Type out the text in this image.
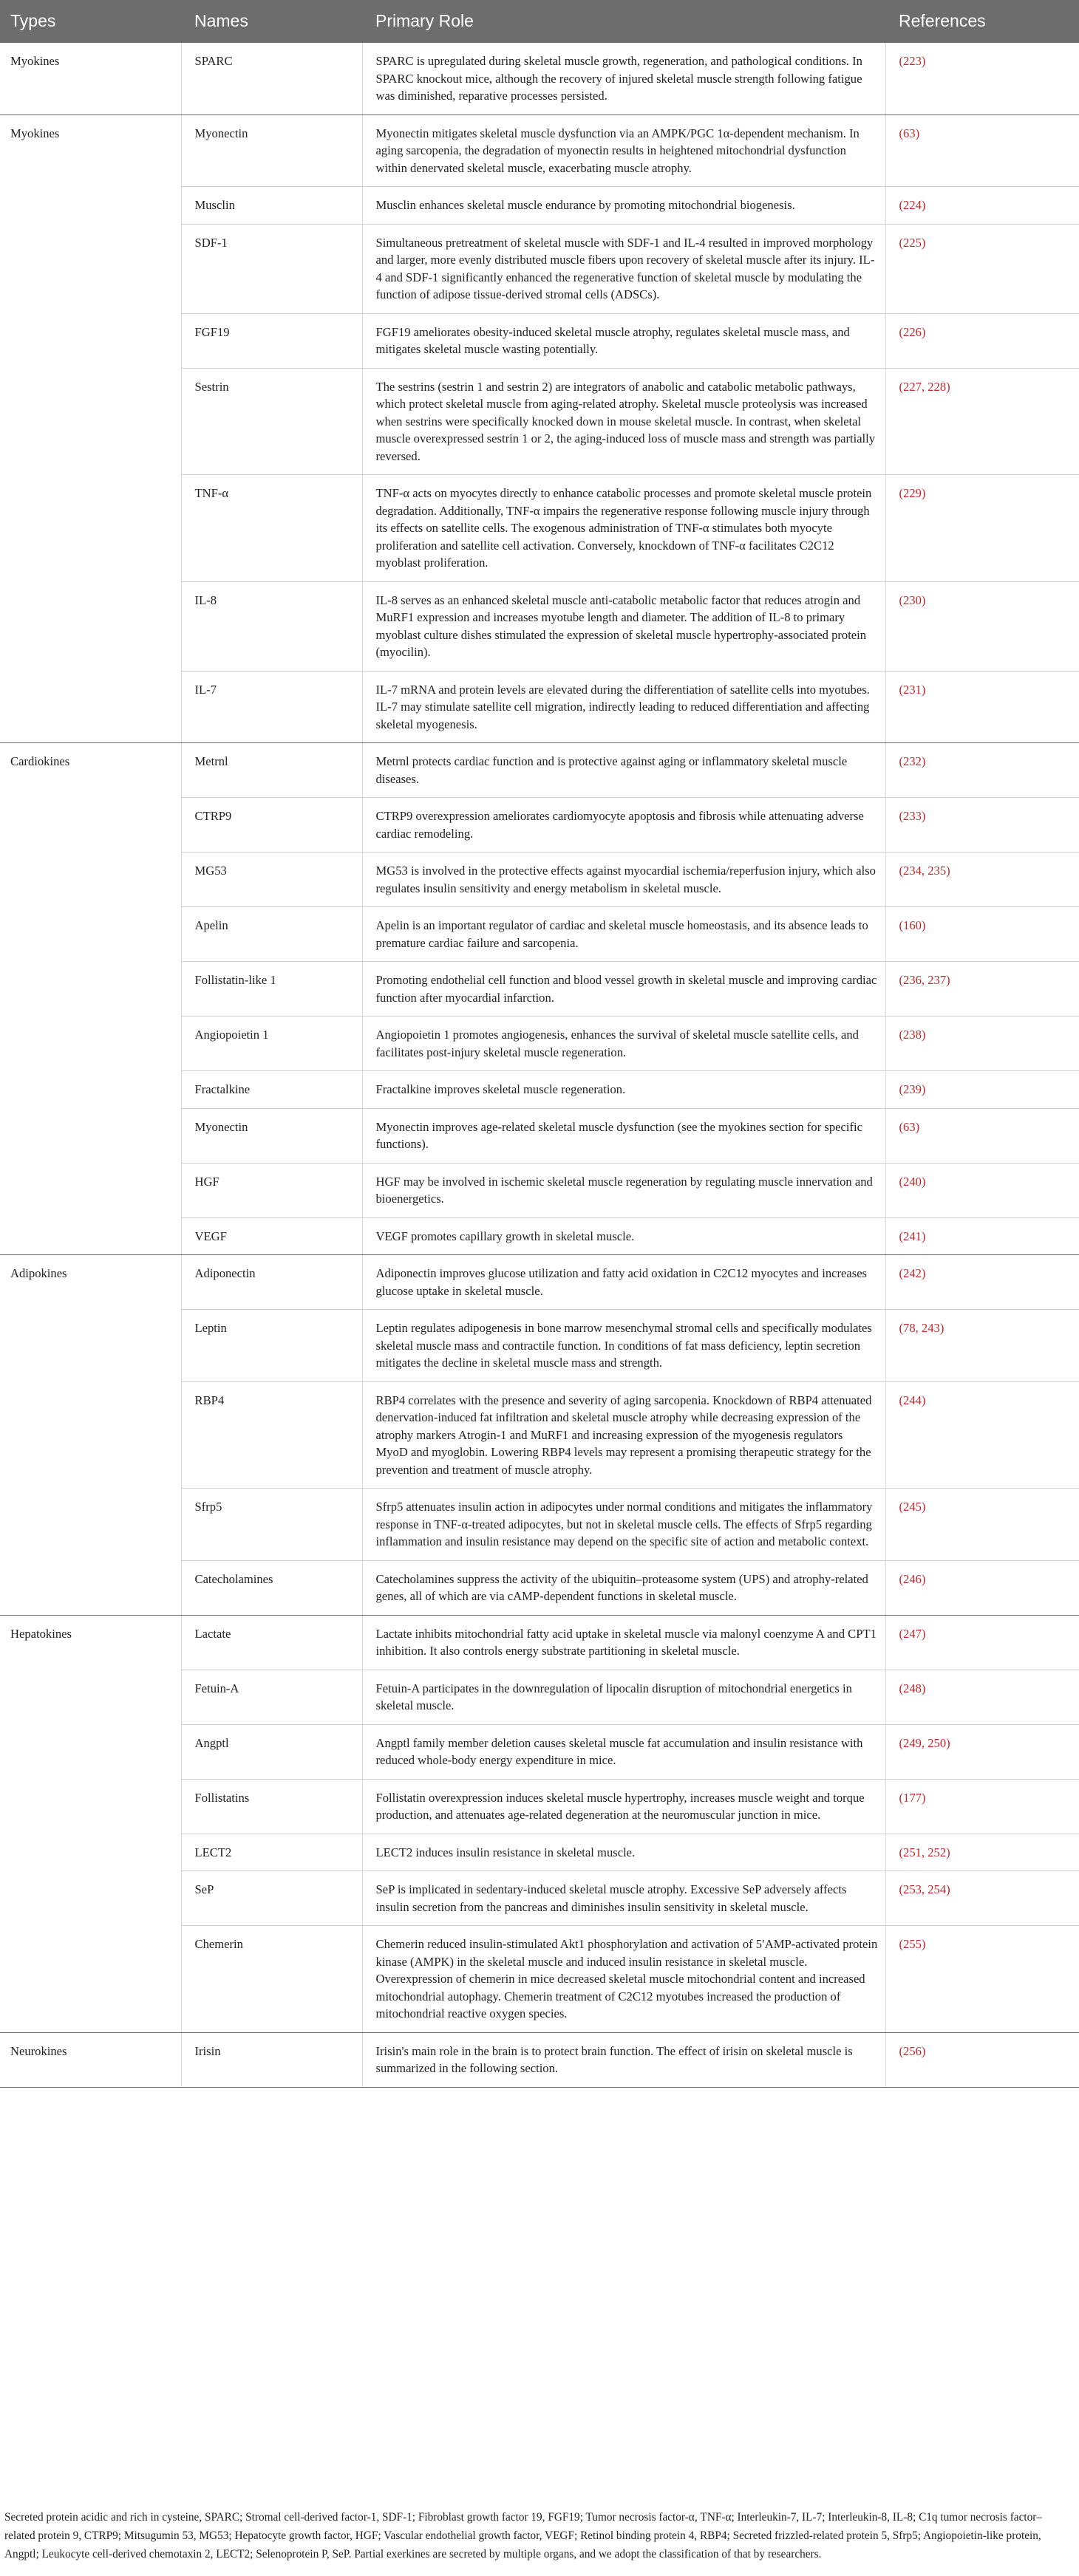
Types	Names	Primary Role	References
Myokines	SPARC	SPARC is upregulated during skeletal muscle growth, regeneration, and pathological conditions. In SPARC knockout mice, although the recovery of injured skeletal muscle strength following fatigue was diminished, reparative processes persisted.	(223)
Myokines	Myonectin	Myonectin mitigates skeletal muscle dysfunction via an AMPK/PGC 1α-dependent mechanism. In aging sarcopenia, the degradation of myonectin results in heightened mitochondrial dysfunction within denervated skeletal muscle, exacerbating muscle atrophy.	(63)
	Musclin	Musclin enhances skeletal muscle endurance by promoting mitochondrial biogenesis.	(224)
	SDF-1	Simultaneous pretreatment of skeletal muscle with SDF-1 and IL-4 resulted in improved morphology and larger, more evenly distributed muscle fibers upon recovery of skeletal muscle after its injury. IL-4 and SDF-1 significantly enhanced the regenerative function of skeletal muscle by modulating the function of adipose tissue-derived stromal cells (ADSCs).	(225)
	FGF19	FGF19 ameliorates obesity-induced skeletal muscle atrophy, regulates skeletal muscle mass, and mitigates skeletal muscle wasting potentially.	(226)
	Sestrin	The sestrins (sestrin 1 and sestrin 2) are integrators of anabolic and catabolic metabolic pathways, which protect skeletal muscle from aging-related atrophy. Skeletal muscle proteolysis was increased when sestrins were specifically knocked down in mouse skeletal muscle. In contrast, when skeletal muscle overexpressed sestrin 1 or 2, the aging-induced loss of muscle mass and strength was partially reversed.	(227, 228)
	TNF-α	TNF-α acts on myocytes directly to enhance catabolic processes and promote skeletal muscle protein degradation. Additionally, TNF-α impairs the regenerative response following muscle injury through its effects on satellite cells. The exogenous administration of TNF-α stimulates both myocyte proliferation and satellite cell activation. Conversely, knockdown of TNF-α facilitates C2C12 myoblast proliferation.	(229)
	IL-8	IL-8 serves as an enhanced skeletal muscle anti-catabolic metabolic factor that reduces atrogin and MuRF1 expression and increases myotube length and diameter. The addition of IL-8 to primary myoblast culture dishes stimulated the expression of skeletal muscle hypertrophy-associated protein (myocilin).	(230)
	IL-7	IL-7 mRNA and protein levels are elevated during the differentiation of satellite cells into myotubes. IL-7 may stimulate satellite cell migration, indirectly leading to reduced differentiation and affecting skeletal myogenesis.	(231)
Cardiokines	Metrnl	Metrnl protects cardiac function and is protective against aging or inflammatory skeletal muscle diseases.	(232)
	CTRP9	CTRP9 overexpression ameliorates cardiomyocyte apoptosis and fibrosis while attenuating adverse cardiac remodeling.	(233)
	MG53	MG53 is involved in the protective effects against myocardial ischemia/reperfusion injury, which also regulates insulin sensitivity and energy metabolism in skeletal muscle.	(234, 235)
	Apelin	Apelin is an important regulator of cardiac and skeletal muscle homeostasis, and its absence leads to premature cardiac failure and sarcopenia.	(160)
	Follistatin-like 1	Promoting endothelial cell function and blood vessel growth in skeletal muscle and improving cardiac function after myocardial infarction.	(236, 237)
	Angiopoietin 1	Angiopoietin 1 promotes angiogenesis, enhances the survival of skeletal muscle satellite cells, and facilitates post-injury skeletal muscle regeneration.	(238)
	Fractalkine	Fractalkine improves skeletal muscle regeneration.	(239)
	Myonectin	Myonectin improves age-related skeletal muscle dysfunction (see the myokines section for specific functions).	(63)
	HGF	HGF may be involved in ischemic skeletal muscle regeneration by regulating muscle innervation and bioenergetics.	(240)
	VEGF	VEGF promotes capillary growth in skeletal muscle.	(241)
Adipokines	Adiponectin	Adiponectin improves glucose utilization and fatty acid oxidation in C2C12 myocytes and increases glucose uptake in skeletal muscle.	(242)
	Leptin	Leptin regulates adipogenesis in bone marrow mesenchymal stromal cells and specifically modulates skeletal muscle mass and contractile function. In conditions of fat mass deficiency, leptin secretion mitigates the decline in skeletal muscle mass and strength.	(78, 243)
	RBP4	RBP4 correlates with the presence and severity of aging sarcopenia. Knockdown of RBP4 attenuated denervation-induced fat infiltration and skeletal muscle atrophy while decreasing expression of the atrophy markers Atrogin-1 and MuRF1 and increasing expression of the myogenesis regulators MyoD and myoglobin. Lowering RBP4 levels may represent a promising therapeutic strategy for the prevention and treatment of muscle atrophy.	(244)
	Sfrp5	Sfrp5 attenuates insulin action in adipocytes under normal conditions and mitigates the inflammatory response in TNF-α-treated adipocytes, but not in skeletal muscle cells. The effects of Sfrp5 regarding inflammation and insulin resistance may depend on the specific site of action and metabolic context.	(245)
	Catecholamines	Catecholamines suppress the activity of the ubiquitin–proteasome system (UPS) and atrophy-related genes, all of which are via cAMP-dependent functions in skeletal muscle.	(246)
Hepatokines	Lactate	Lactate inhibits mitochondrial fatty acid uptake in skeletal muscle via malonyl coenzyme A and CPT1 inhibition. It also controls energy substrate partitioning in skeletal muscle.	(247)
	Fetuin-A	Fetuin-A participates in the downregulation of lipocalin disruption of mitochondrial energetics in skeletal muscle.	(248)
	Angptl	Angptl family member deletion causes skeletal muscle fat accumulation and insulin resistance with reduced whole-body energy expenditure in mice.	(249, 250)
	Follistatins	Follistatin overexpression induces skeletal muscle hypertrophy, increases muscle weight and torque production, and attenuates age-related degeneration at the neuromuscular junction in mice.	(177)
	LECT2	LECT2 induces insulin resistance in skeletal muscle.	(251, 252)
	SeP	SeP is implicated in sedentary-induced skeletal muscle atrophy. Excessive SeP adversely affects insulin secretion from the pancreas and diminishes insulin sensitivity in skeletal muscle.	(253, 254)
	Chemerin	Chemerin reduced insulin-stimulated Akt1 phosphorylation and activation of 5′AMP-activated protein kinase (AMPK) in the skeletal muscle and induced insulin resistance in skeletal muscle. Overexpression of chemerin in mice decreased skeletal muscle mitochondrial content and increased mitochondrial autophagy. Chemerin treatment of C2C12 myotubes increased the production of mitochondrial reactive oxygen species.	(255)
Neurokines	Irisin	Irisin's main role in the brain is to protect brain function. The effect of irisin on skeletal muscle is summarized in the following section.	(256)
Secreted protein acidic and rich in cysteine, SPARC; Stromal cell-derived factor-1, SDF-1; Fibroblast growth factor 19, FGF19; Tumor necrosis factor-α, TNF-α; Interleukin-7, IL-7; Interleukin-8, IL-8; C1q tumor necrosis factor–related protein 9, CTRP9; Mitsugumin 53, MG53; Hepatocyte growth factor, HGF; Vascular endothelial growth factor, VEGF; Retinol binding protein 4, RBP4; Secreted frizzled-related protein 5, Sfrp5; Angiopoietin-like protein, Angptl; Leukocyte cell-derived chemotaxin 2, LECT2; Selenoprotein P, SeP. Partial exerkines are secreted by multiple organs, and we adopt the classification of that by researchers.
